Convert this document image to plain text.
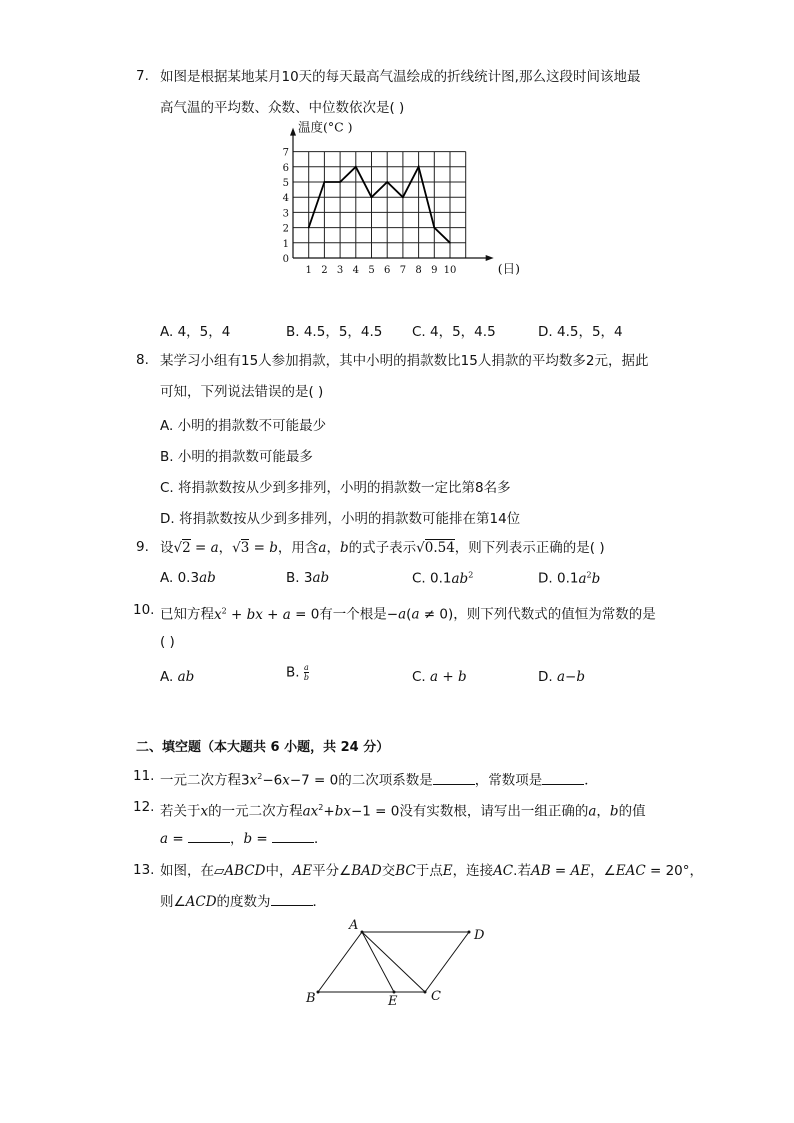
7. 如图是根据某地某月10天的每天最高气温绘成的折线统计图,那么这段时间该地最
高气温的平均数、众数、中位数依次是( )
1 2 3 4 5 6 7 8 9 10
0
1
2
3
4
5
6
7
温度(°C )
(日)
A. 4，5，4	B. 4.5，5，4.5 C. 4，5，4.5	D. 4.5，5，4
8. 某学习小组有15人参加捐款，其中小明的捐款数比15人捐款的平均数多2元，据此
可知，下列说法错误的是( )
A. 小明的捐款数不可能最少
B. 小明的捐款数可能最多
C. 将捐款数按从少到多排列，小明的捐款数一定比第8名多
D. 将捐款数按从少到多排列，小明的捐款数可能排在第14位
9. 设√2 = a，√3 = b，用含a，b的式子表示√0.54，则下列表示正确的是( )
A. 0.3ab	B. 3ab	C. $0.1ab^2$	D. $0.1a^2b$
10. 已知方程$x^2$ + bx + a = 0有一个根是−a(a ≠ 0)，则下列代数式的值恒为常数的是
( )
A. ab	B. $\frac{a}{b}$	C. a + b	D. a−b
二、填空题（本大题共 6 小题，共 24 分）
11. 一元二次方程$3x^2-6x-7 = 0$的二次项系数是	，常数项是	．
12. 若关于x的一元二次方程$ax^2+bx-1 = 0$没有实数根，请写出一组正确的a，b的值
a =	，b =	．
13. 如图，在▱ABCD中，AE平分∠BAD交BC于点E，连接AC.若AB = AE，∠EAC = 20°，
则∠ACD的度数为	．
A
B	C
D
E
